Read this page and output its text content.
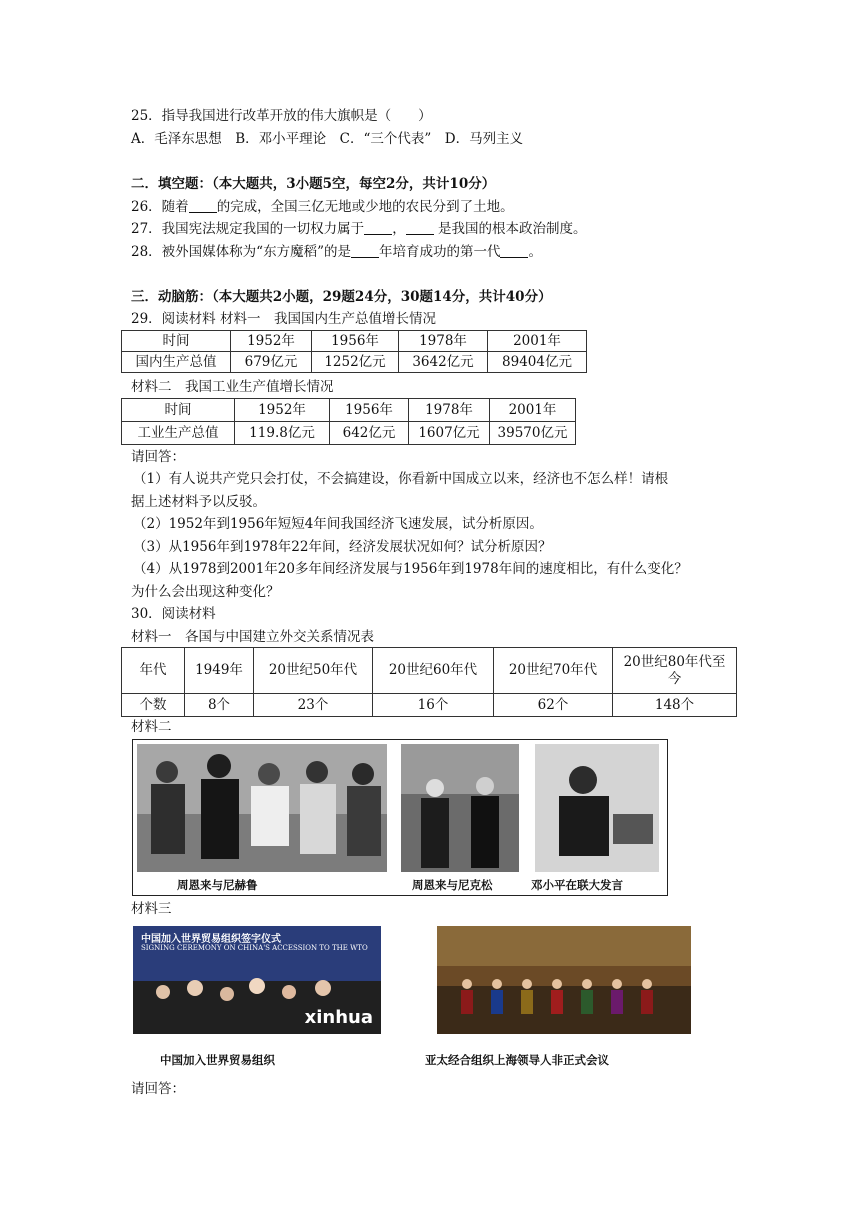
25．指导我国进行改革开放的伟大旗帜是（　　）
A．毛泽东思想　B．邓小平理论　C．“三个代表”　D．马列主义
二．填空题：（本大题共，3小题5空，每空2分，共计10分）
26．随着 的完成，全国三亿无地或少地的农民分到了土地。
27．我国宪法规定我国的一切权力属于 ， 是我国的根本政治制度。
28．被外国媒体称为“东方魔稻”的是 年培育成功的第一代 。
三．动脑筋：（本大题共2小题，29题24分，30题14分，共计40分）
29．阅读材料 材料一　我国国内生产总值增长情况
时间	1952年	1956年	1978年	2001年
国内生产总值	679亿元	1252亿元	3642亿元	89404亿元
材料二　我国工业生产值增长情况
时间	1952年	1956年	1978年	2001年
工业生产总值	119.8亿元	642亿元	1607亿元	39570亿元
请回答：
（1）有人说共产党只会打仗，不会搞建设，你看新中国成立以来，经济也不怎么样！请根
据上述材料予以反驳。
（2）1952年到1956年短短4年间我国经济飞速发展，试分析原因。
（3）从1956年到1978年22年间，经济发展状况如何？试分析原因？
（4）从1978到2001年20多年间经济发展与1956年到1978年间的速度相比，有什么变化？
为什么会出现这种变化？
30．阅读材料
材料一　各国与中国建立外交关系情况表
年代	1949年	20世纪50年代	20世纪60年代	20世纪70年代	20世纪80年代至今
个数	8个	23个	16个	62个	148个
材料二
周恩来与尼赫鲁	周恩来与尼克松	邓小平在联大发言
材料三
中国加入世界贸易组织签字仪式
SIGNING CEREMONY ON CHINA'S ACCESSION TO THE WTO
xinhua
中国加入世界贸易组织	亚太经合组织上海领导人非正式会议
请回答：
